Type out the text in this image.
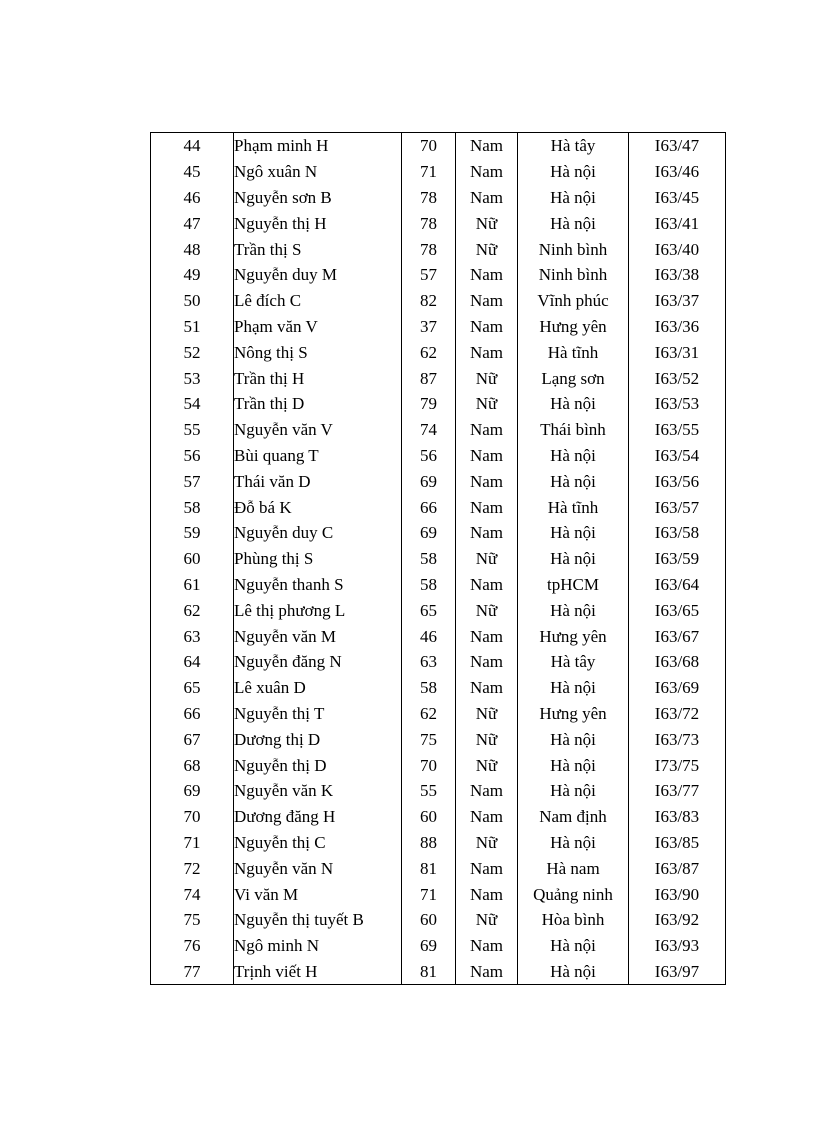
44	Phạm minh H	70	Nam	Hà tây	I63/47
45	Ngô xuân N	71	Nam	Hà nội	I63/46
46	Nguyễn sơn B	78	Nam	Hà nội	I63/45
47	Nguyễn thị H	78	Nữ	Hà nội	I63/41
48	Trần thị S	78	Nữ	Ninh bình	I63/40
49	Nguyễn duy M	57	Nam	Ninh bình	I63/38
50	Lê đích C	82	Nam	Vĩnh phúc	I63/37
51	Phạm văn V	37	Nam	Hưng yên	I63/36
52	Nông thị S	62	Nam	Hà tĩnh	I63/31
53	Trần thị H	87	Nữ	Lạng sơn	I63/52
54	Trần thị D	79	Nữ	Hà nội	I63/53
55	Nguyễn văn V	74	Nam	Thái bình	I63/55
56	Bùi quang T	56	Nam	Hà nội	I63/54
57	Thái văn D	69	Nam	Hà nội	I63/56
58	Đỗ bá K	66	Nam	Hà tĩnh	I63/57
59	Nguyễn duy C	69	Nam	Hà nội	I63/58
60	Phùng thị S	58	Nữ	Hà nội	I63/59
61	Nguyễn thanh S	58	Nam	tpHCM	I63/64
62	Lê thị phương L	65	Nữ	Hà nội	I63/65
63	Nguyễn văn M	46	Nam	Hưng yên	I63/67
64	Nguyễn đăng N	63	Nam	Hà tây	I63/68
65	Lê xuân D	58	Nam	Hà nội	I63/69
66	Nguyễn thị T	62	Nữ	Hưng yên	I63/72
67	Dương thị D	75	Nữ	Hà nội	I63/73
68	Nguyễn thị D	70	Nữ	Hà nội	I73/75
69	Nguyễn văn K	55	Nam	Hà nội	I63/77
70	Dương đăng H	60	Nam	Nam định	I63/83
71	Nguyễn thị C	88	Nữ	Hà nội	I63/85
72	Nguyễn văn N	81	Nam	Hà nam	I63/87
74	Vi văn M	71	Nam	Quảng ninh	I63/90
75	Nguyễn thị tuyết B	60	Nữ	Hòa bình	I63/92
76	Ngô minh N	69	Nam	Hà nội	I63/93
77	Trịnh viết H	81	Nam	Hà nội	I63/97
